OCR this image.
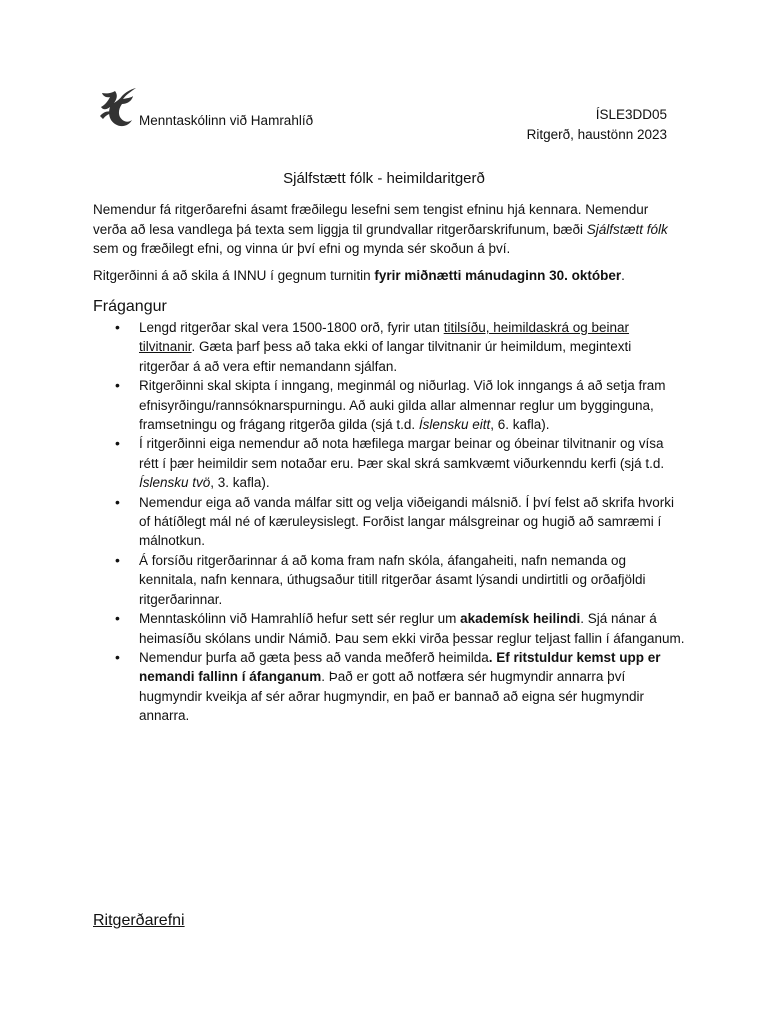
Menntaskólinn við Hamrahlíð	ÍSLE3DD05
Ritgerð, haustönn 2023
Sjálfstætt fólk - heimildaritgerð

Nemendur fá ritgerðarefni ásamt fræðilegu lesefni sem tengist efninu hjá kennara. Nemendur verða að lesa vandlega þá texta sem liggja til grundvallar ritgerðarskrifunum, bæði Sjálfstætt fólk sem og fræðilegt efni, og vinna úr því efni og mynda sér skoðun á því.

Ritgerðinni á að skila á INNU í gegnum turnitin fyrir miðnætti mánudaginn 30. október.

Frágangur
• Lengd ritgerðar skal vera 1500-1800 orð, fyrir utan titilsíðu, heimildaskrá og beinar tilvitnanir. Gæta þarf þess að taka ekki of langar tilvitnanir úr heimildum, megintexti ritgerðar á að vera eftir nemandann sjálfan.
• Ritgerðinni skal skipta í inngang, meginmál og niðurlag. Við lok inngangs á að setja fram efnisyrðingu/rannsóknarspurningu. Að auki gilda allar almennar reglur um bygginguna, framsetningu og frágang ritgerða gilda (sjá t.d. Íslensku eitt, 6. kafla).
• Í ritgerðinni eiga nemendur að nota hæfilega margar beinar og óbeinar tilvitnanir og vísa rétt í þær heimildir sem notaðar eru. Þær skal skrá samkvæmt viðurkenndu kerfi (sjá t.d. Íslensku tvö, 3. kafla).
• Nemendur eiga að vanda málfar sitt og velja viðeigandi málsnið. Í því felst að skrifa hvorki of hátíðlegt mál né of kæruleysislegt. Forðist langar málsgreinar og hugið að samræmi í málnotkun.
• Á forsíðu ritgerðarinnar á að koma fram nafn skóla, áfangaheiti, nafn nemanda og kennitala, nafn kennara, úthugsaður titill ritgerðar ásamt lýsandi undirtitli og orðafjöldi ritgerðarinnar.
• Menntaskólinn við Hamrahlíð hefur sett sér reglur um akademísk heilindi. Sjá nánar á heimasíðu skólans undir Námið. Þau sem ekki virða þessar reglur teljast fallin í áfanganum.
• Nemendur þurfa að gæta þess að vanda meðferð heimilda. Ef ritstuldur kemst upp er nemandi fallinn í áfanganum. Það er gott að notfæra sér hugmyndir annarra því hugmyndir kveikja af sér aðrar hugmyndir, en það er bannað að eigna sér hugmyndir annarra.
Ritgerðarefni
